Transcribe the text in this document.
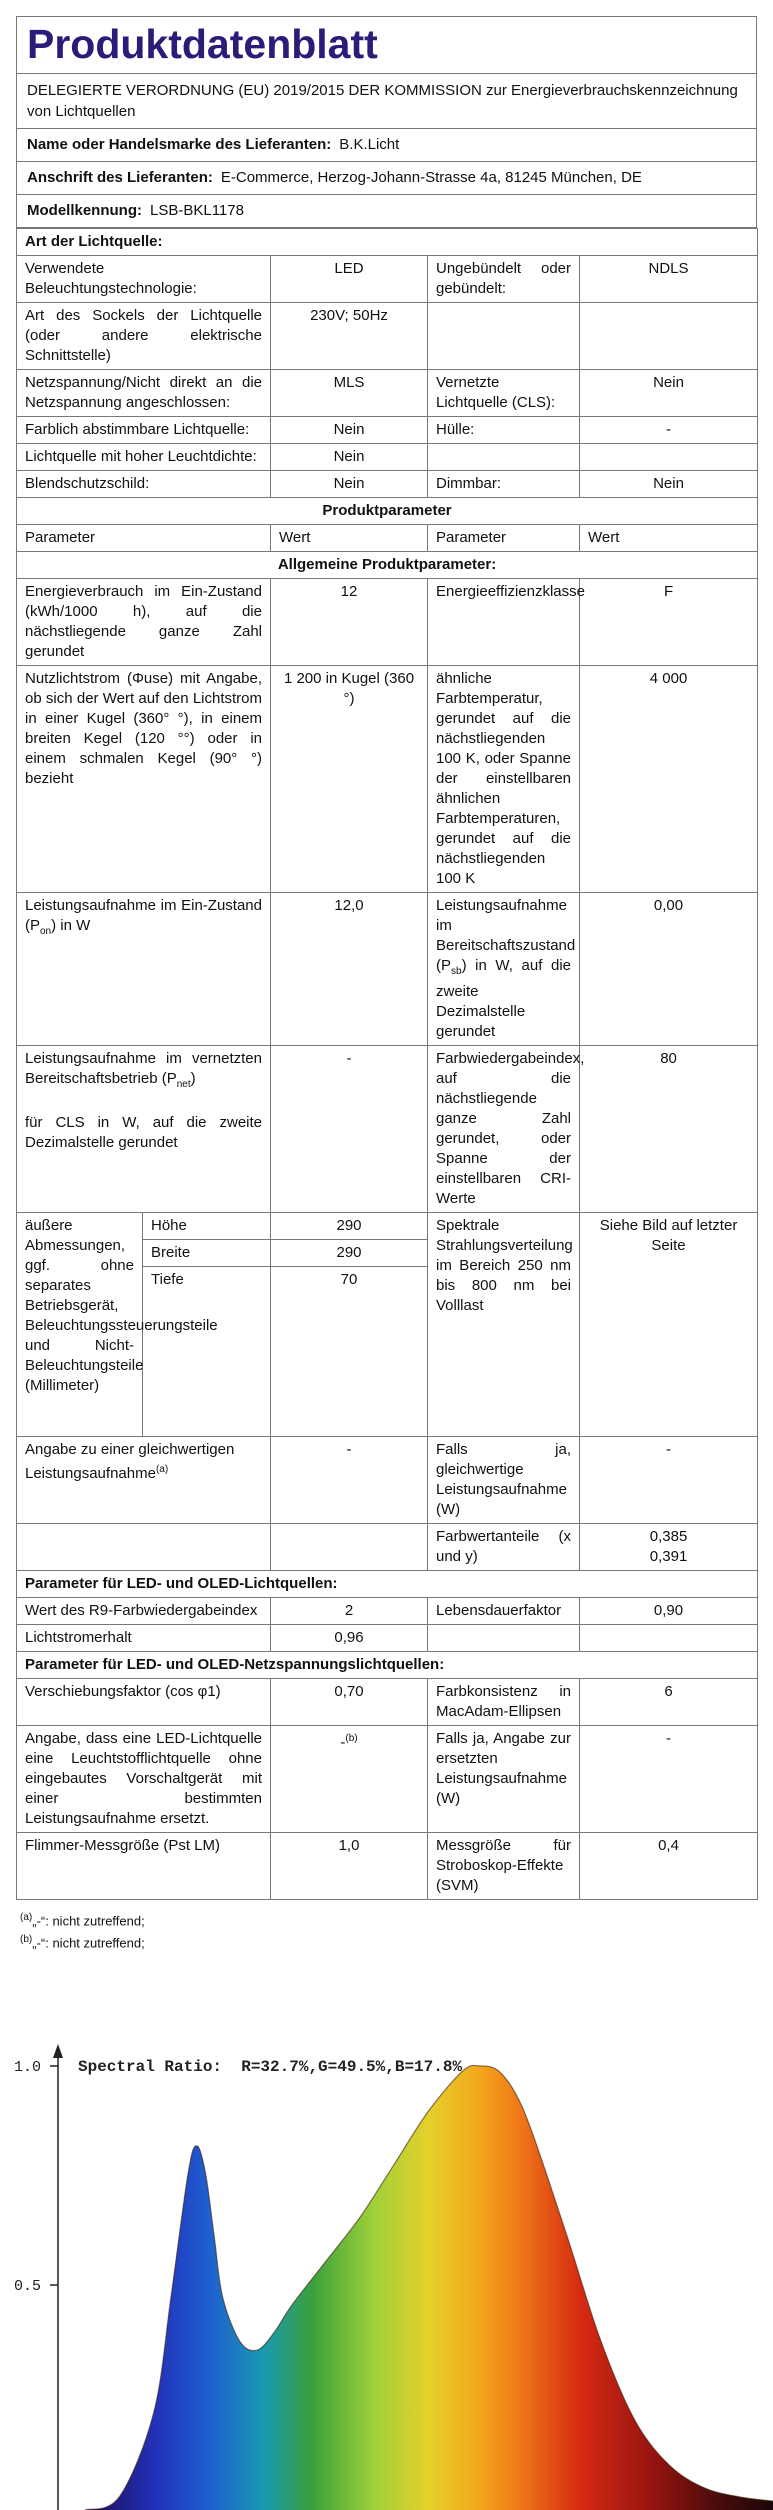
Produktdatenblatt
DELEGIERTE VERORDNUNG (EU) 2019/2015 DER KOMMISSION zur Energieverbrauchskennzeichnung von Lichtquellen
Name oder Handelsmarke des Lieferanten: B.K.Licht
Anschrift des Lieferanten: E-Commerce, Herzog-Johann-Strasse 4a, 81245 München, DE
Modellkennung: LSB-BKL1178
Art der Lichtquelle:				
Verwendete Beleuchtungstechnologie:		LED	Ungebündelt oder gebündelt:	NDLS
Art des Sockels der Lichtquelle (oder andere elektrische Schnittstelle)		230V; 50Hz		
Netzspannung/Nicht direkt an die Netzspannung angeschlossen:		MLS	Vernetzte Lichtquelle (CLS):	Nein
Farblich abstimmbare Lichtquelle:		Nein	Hülle:	-
Lichtquelle mit hoher Leuchtdichte:		Nein		
Blendschutzschild:		Nein	Dimmbar:	Nein
Produktparameter				
Parameter		Wert	Parameter	Wert
Allgemeine Produktparameter:				
Energieverbrauch im Ein-Zustand (kWh/1000 h), auf die nächstliegende ganze Zahl gerundet		12	Energieeffizienzklasse	F
Nutzlichtstrom (Φuse) mit Angabe, ob sich der Wert auf den Lichtstrom in einer Kugel (360° °), in einem breiten Kegel (120 °°) oder in einem schmalen Kegel (90° °) bezieht		1 200 in Kugel (360 °)	ähnliche Farbtemperatur, gerundet auf die nächstliegenden 100 K, oder Spanne der einstellbaren ähnlichen Farbtemperaturen, gerundet auf die nächstliegenden 100 K	4 000
Leistungsaufnahme im Ein-Zustand $(P_{on})$ in W		12,0	Leistungsaufnahme im Bereitschaftszustand $(P_{sb})$ in W, auf die zweite Dezimalstelle gerundet	0,00
Leistungsaufnahme im vernetzten Bereitschaftsbetrieb $(P_{net})$
für CLS in W, auf die zweite Dezimalstelle gerundet		-	Farbwiedergabeindex, auf die nächstliegende ganze Zahl gerundet, oder Spanne der einstellbaren CRI-Werte	80
äußere Abmessungen, ggf. ohne separates Betriebsgerät, Beleuchtungssteuerungsteile und Nicht-Beleuchtungsteile (Millimeter)	Höhe	290	Spektrale Strahlungsverteilung im Bereich 250 nm bis 800 nm bei Volllast	Siehe Bild auf letzter Seite
	Breite	290		
	Tiefe	70		
Angabe zu einer gleichwertigen Leistungsaufnahme$^{(a)}$		-	Falls ja, gleichwertige Leistungsaufnahme (W)	-
			Farbwertanteile (x und y)	0,385
0,391

Parameter für LED- und OLED-Lichtquellen:				
Wert des R9-Farbwiedergabeindex		2	Lebensdauerfaktor	0,90
Lichtstromerhalt		0,96		
Parameter für LED- und OLED-Netzspannungslichtquellen:				
Verschiebungsfaktor (cos φ1)		0,70	Farbkonsistenz in MacAdam-Ellipsen	6
Angabe, dass eine LED-Lichtquelle eine Leuchtstofflichtquelle ohne eingebautes Vorschaltgerät mit einer bestimmten Leistungsaufnahme ersetzt.		-$^{(b)}$	Falls ja, Angabe zur ersetzten Leistungsaufnahme (W)	-
Flimmer-Messgröße (Pst LM)		1,0	Messgröße für Stroboskop-Effekte (SVM)	0,4
$^{(a)}$„-“: nicht zutreffend;
$^{(b)}$„-“: nicht zutreffend;
1.0
0.5
Spectral Ratio:  R=32.7%,G=49.5%,B=17.8%
